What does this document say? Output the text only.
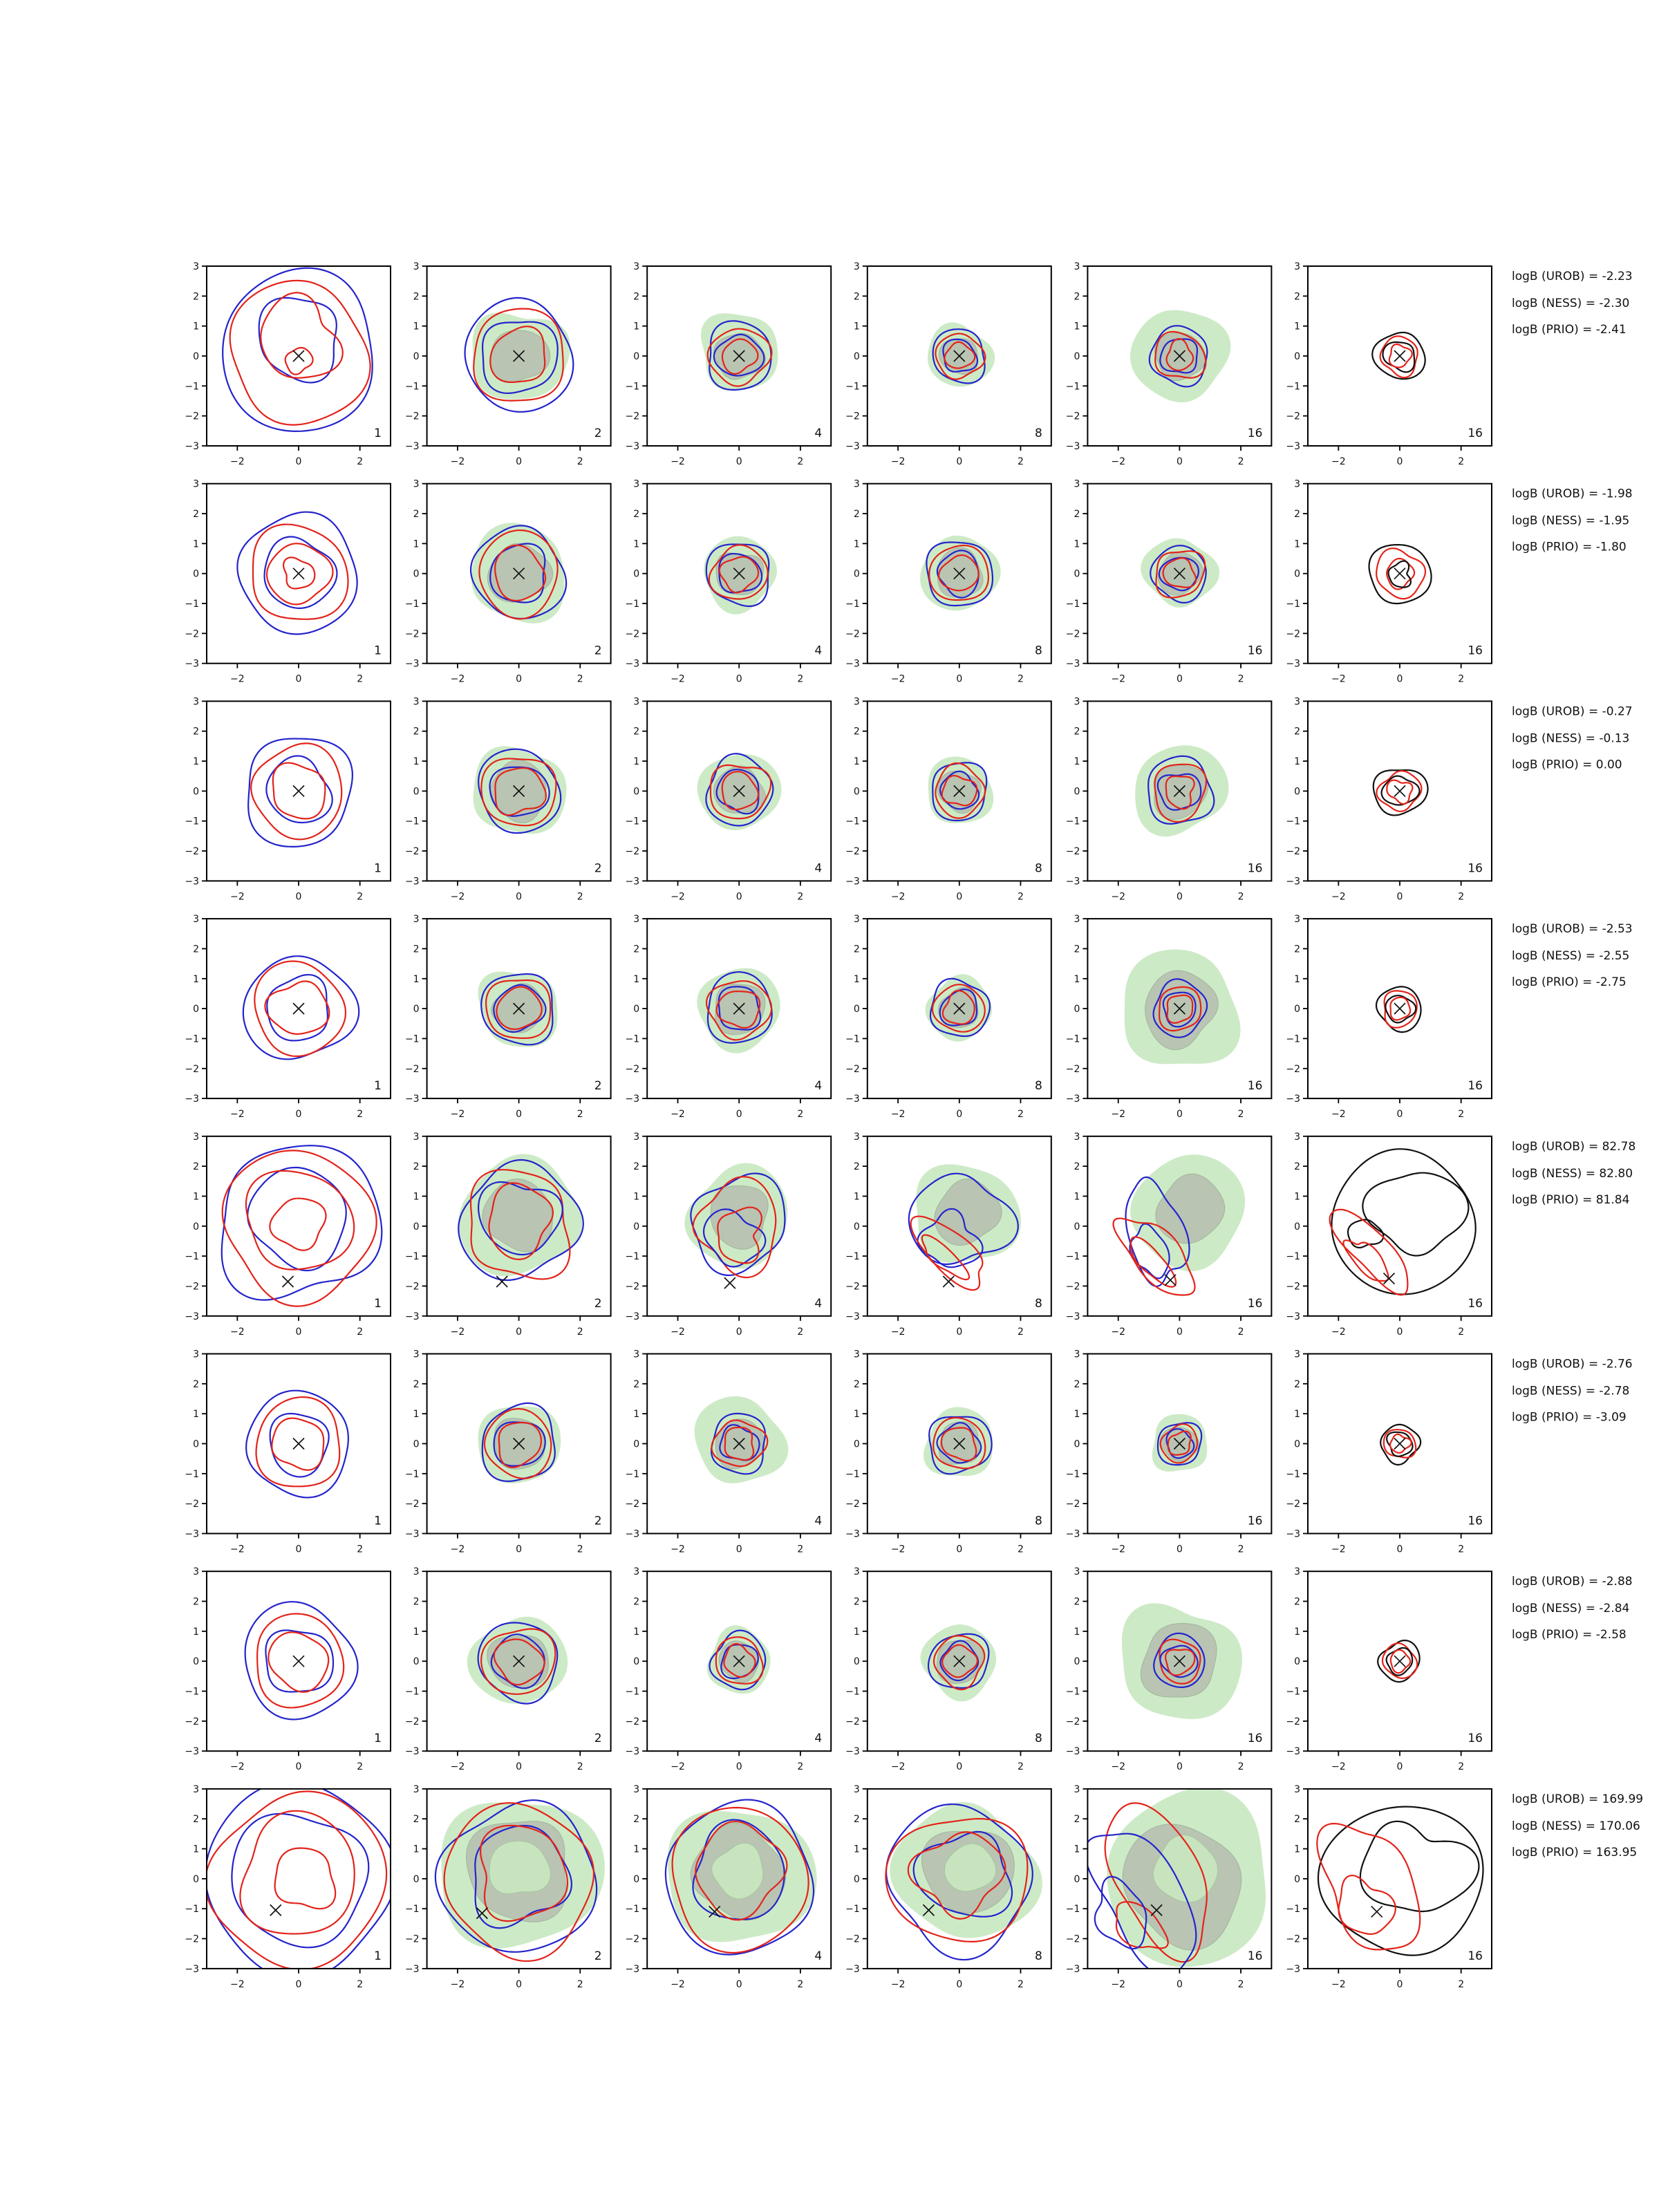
3
2
1
0
−1
−2
−3
−2	0	2
1
3
2
1
0
−1
−2
−3
−2	0	2
2
3
2
1
0
−1
−2
−3
−2	0	2
4
3
2
1
0
−1
−2
−3
−2	0	2
8
3
2
1
0
−1
−2
−3
−2	0	2
16
3
2
1
0
−1
−2
−3
−2	0	2
16
3
2
1
0
−1
−2
−3
−2	0	2
1
3
2
1
0
−1
−2
−3
−2	0	2
2
3
2
1
0
−1
−2
−3
−2	0	2
4
3
2
1
0
−1
−2
−3
−2	0	2
8
3
2
1
0
−1
−2
−3
−2	0	2
16
3
2
1
0
−1
−2
−3
−2	0	2
16
3
2
1
0
−1
−2
−3
−2	0	2
1
3
2
1
0
−1
−2
−3
−2	0	2
2
3
2
1
0
−1
−2
−3
−2	0	2
4
3
2
1
0
−1
−2
−3
−2	0	2
8
3
2
1
0
−1
−2
−3
−2	0	2
16
3
2
1
0
−1
−2
−3
−2	0	2
16
3
2
1
0
−1
−2
−3
−2	0	2
1
3
2
1
0
−1
−2
−3
−2	0	2
2
3
2
1
0
−1
−2
−3
−2	0	2
4
3
2
1
0
−1
−2
−3
−2	0	2
8
3
2
1
0
−1
−2
−3
−2	0	2
16
3
2
1
0
−1
−2
−3
−2	0	2
16
3
2
1
0
−1
−2
−3
−2	0	2
1
3
2
1
0
−1
−2
−3
−2	0	2
2
3
2
1
0
−1
−2
−3
−2	0	2
4
3
2
1
0
−1
−2
−3
−2	0	2
8
3
2
1
0
−1
−2
−3
−2	0	2
16
3
2
1
0
−1
−2
−3
−2	0	2
16
3
2
1
0
−1
−2
−3
−2	0	2
1
3
2
1
0
−1
−2
−3
−2	0	2
2
3
2
1
0
−1
−2
−3
−2	0	2
4
3
2
1
0
−1
−2
−3
−2	0	2
8
3
2
1
0
−1
−2
−3
−2	0	2
16
3
2
1
0
−1
−2
−3
−2	0	2
16
3
2
1
0
−1
−2
−3
−2	0	2
1
3
2
1
0
−1
−2
−3
−2	0	2
2
3
2
1
0
−1
−2
−3
−2	0	2
4
3
2
1
0
−1
−2
−3
−2	0	2
8
3
2
1
0
−1
−2
−3
−2	0	2
16
3
2
1
0
−1
−2
−3
−2	0	2
16
3
2
1
0
−1
−2
−3
−2	0	2
1
3
2
1
0
−1
−2
−3
−2	0	2
2
3
2
1
0
−1
−2
−3
−2	0	2
4
3
2
1
0
−1
−2
−3
−2	0	2
8
3
2
1
0
−1
−2
−3
−2	0	2
16
3
2
1
0
−1
−2
−3
−2	0	2
16
logB (UROB) = -2.23
logB (NESS) = -2.30
logB (PRIO) = -2.41
logB (UROB) = -1.98
logB (NESS) = -1.95
logB (PRIO) = -1.80
logB (UROB) = -0.27
logB (NESS) = -0.13
logB (PRIO) = 0.00
logB (UROB) = -2.53
logB (NESS) = -2.55
logB (PRIO) = -2.75
logB (UROB) = 82.78
logB (NESS) = 82.80
logB (PRIO) = 81.84
logB (UROB) = -2.76
logB (NESS) = -2.78
logB (PRIO) = -3.09
logB (UROB) = -2.88
logB (NESS) = -2.84
logB (PRIO) = -2.58
logB (UROB) = 169.99
logB (NESS) = 170.06
logB (PRIO) = 163.95
